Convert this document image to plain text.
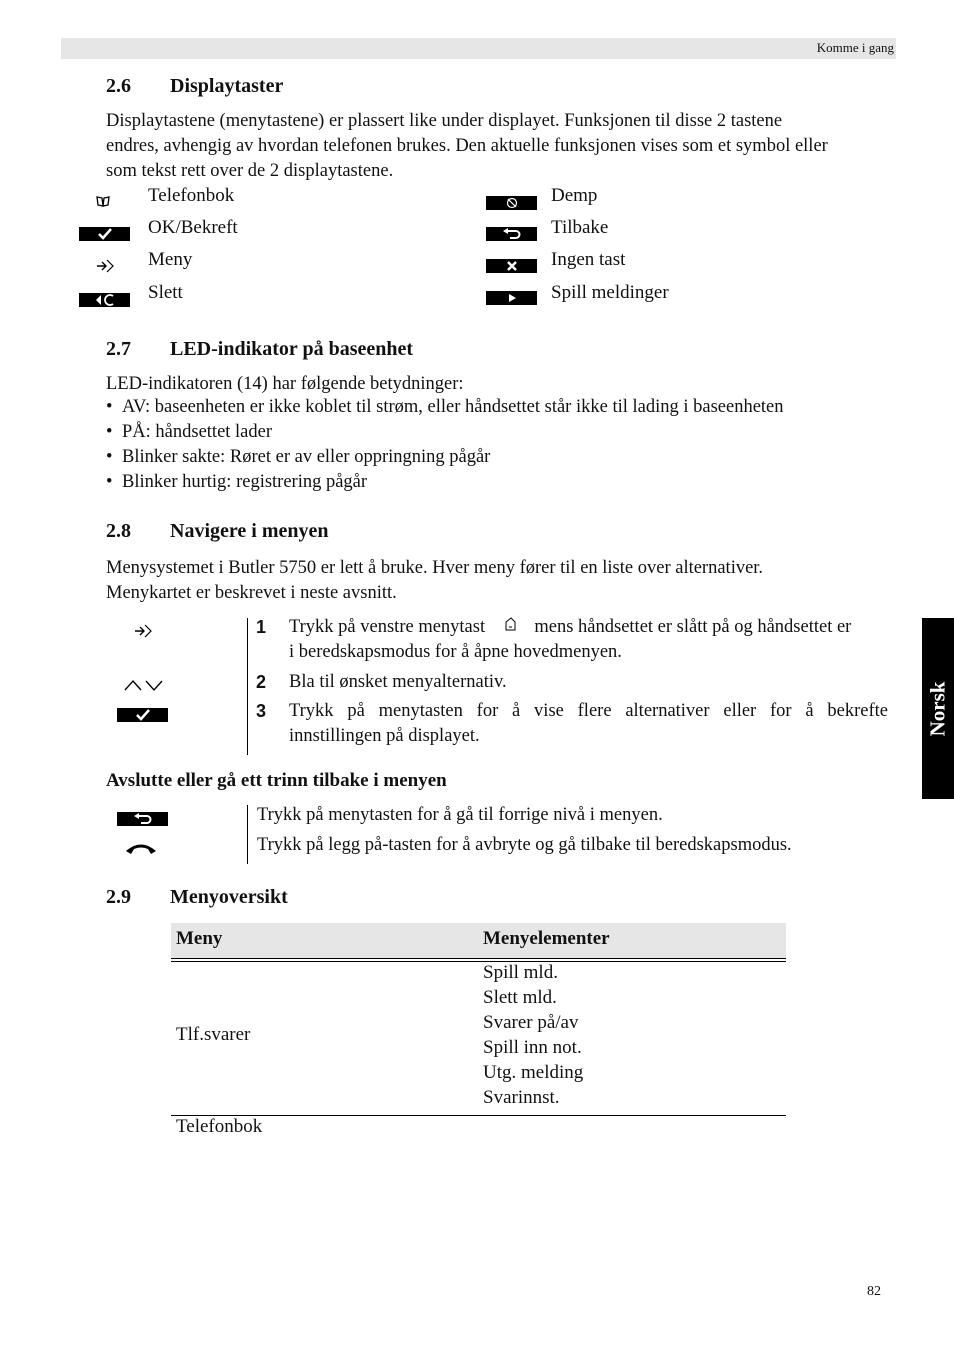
Komme i gang
Norsk
2.6 Displaytaster
Displaytastene (menytastene) er plassert like under displayet. Funksjonen til disse 2 tastene
endres, avhengig av hvordan telefonen brukes. Den aktuelle funksjonen vises som et symbol eller
som tekst rett over de 2 displaytastene.
Telefonbok
OK/Bekreft
Meny
Slett
Demp
Tilbake
Ingen tast
Spill meldinger
2.7 LED-indikator på baseenhet
LED-indikatoren (14) har følgende betydninger:
• AV: baseenheten er ikke koblet til strøm, eller håndsettet står ikke til lading i baseenheten
• PÅ: håndsettet lader
• Blinker sakte: Røret er av eller oppringning pågår
• Blinker hurtig: registrering pågår
2.8 Navigere i menyen
Menysystemet i Butler 5750 er lett å bruke. Hver meny fører til en liste over alternativer.
Menykartet er beskrevet i neste avsnitt.
1 Trykk på venstre menytast	mens håndsettet er slått på og håndsettet er
i beredskapsmodus for å åpne hovedmenyen.
2 Bla til ønsket menyalternativ.
3 Trykk på menytasten for å vise flere alternativer eller for å bekrefte
innstillingen på displayet.
Avslutte eller gå ett trinn tilbake i menyen
Trykk på menytasten for å gå til forrige nivå i menyen.
Trykk på legg på-tasten for å avbryte og gå tilbake til beredskapsmodus.
2.9 Menyoversikt
Meny	Menyelementer
Tlf.svarer
Spill mld.
Slett mld.
Svarer på/av
Spill inn not.
Utg. melding
Svarinnst.
Telefonbok
82
